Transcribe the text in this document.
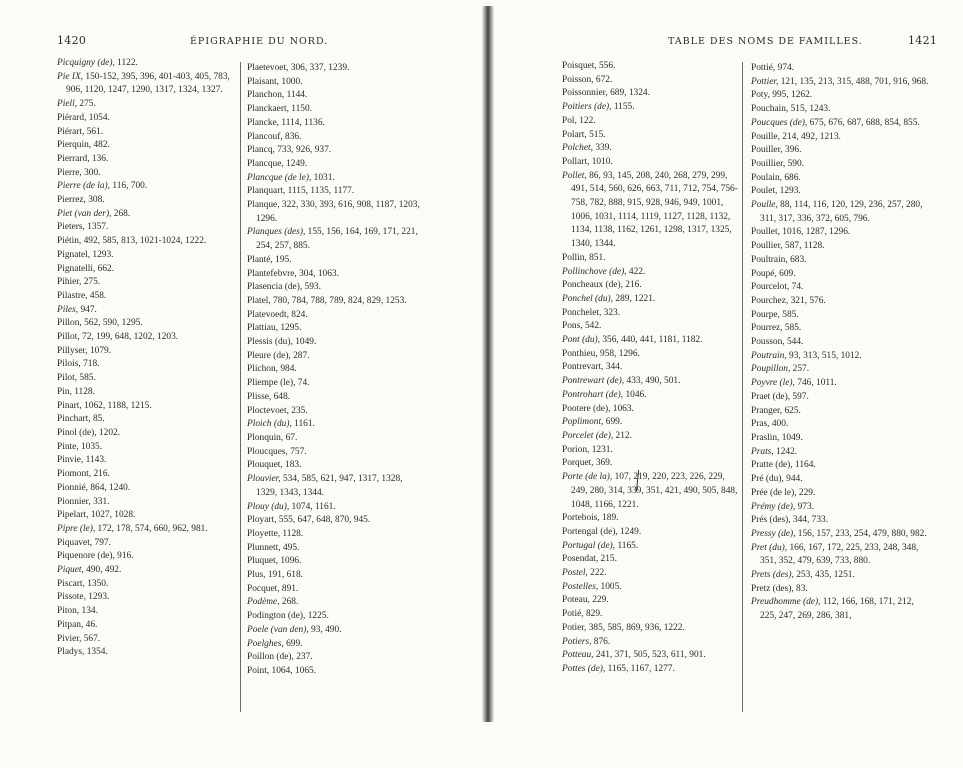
1420	ÉPIGRAPHIE DU NORD.
Picquigny (de), 1122.
Pie IX, 150-152, 395, 396, 401-403, 405, 783, 906, 1120, 1247, 1290, 1317, 1324, 1327.
Piell, 275.
Piérard, 1054.
Piérart, 561.
Pierquin, 482.
Pierrard, 136.
Pierre, 300.
Pierre (de la), 116, 700.
Pierrez, 308.
Piet (van der), 268.
Pieters, 1357.
Piétin, 492, 585, 813, 1021-1024, 1222.
Pignatel, 1293.
Pignatelli, 662.
Pihier, 275.
Pilastre, 458.
Piles, 947.
Pillon, 562, 590, 1295.
Pillot, 72, 199, 648, 1202, 1203.
Pillyser, 1079.
Pilois, 718.
Pilot, 585.
Pin, 1128.
Pinart, 1062, 1188, 1215.
Pinchart, 85.
Pinol (de), 1202.
Pinte, 1035.
Pinvie, 1143.
Piomont, 216.
Pionnié, 864, 1240.
Pionnier, 331.
Pipelart, 1027, 1028.
Pipre (le), 172, 178, 574, 660, 962, 981.
Piquavet, 797.
Piquenore (de), 916.
Piquet, 490, 492.
Piscart, 1350.
Pissote, 1293.
Piton, 134.
Pitpan, 46.
Pivier, 567.
Pladys, 1354.
Plaetevoet, 306, 337, 1239.
Plaisant, 1000.
Planchon, 1144.
Planckaert, 1150.
Plancke, 1114, 1136.
Plancouf, 836.
Plancq, 733, 926, 937.
Plancque, 1249.
Plancque (de le), 1031.
Planquart, 1115, 1135, 1177.
Planque, 322, 330, 393, 616, 908, 1187, 1203, 1296.
Planques (des), 155, 156, 164, 169, 171, 221, 254, 257, 885.
Planté, 195.
Plantefebvre, 304, 1063.
Plasencia (de), 593.
Platel, 780, 784, 788, 789, 824, 829, 1253.
Platevoedt, 824.
Plattiau, 1295.
Plessis (du), 1049.
Pleure (de), 287.
Plichon, 984.
Pliempe (le), 74.
Plisse, 648.
Ploctevoet, 235.
Ploich (du), 1161.
Plonquin, 67.
Ploucques, 757.
Plouquet, 183.
Plouvier, 534, 585, 621, 947, 1317, 1328, 1329, 1343, 1344.
Plouy (du), 1074, 1161.
Ployart, 555, 647, 648, 870, 945.
Ployette, 1128.
Plunnett, 495.
Pluquet, 1096.
Plus, 191, 618.
Pocquet, 891.
Podème, 268.
Podington (de), 1225.
Poele (van den), 93, 490.
Poelghes, 699.
Poillon (de), 237.
Point, 1064, 1065.
TABLE DES NOMS DE FAMILLES.	1421
Poisquet, 556.
Poisson, 672.
Poissonnier, 689, 1324.
Poitiers (de), 1155.
Pol, 122.
Polart, 515.
Polchet, 339.
Pollart, 1010.
Pollet, 86, 93, 145, 208, 240, 268, 279, 299, 491, 514, 560, 626, 663, 711, 712, 754, 756-758, 782, 888, 915, 928, 946, 949, 1001, 1006, 1031, 1114, 1119, 1127, 1128, 1132, 1134, 1138, 1162, 1261, 1298, 1317, 1325, 1340, 1344.
Pollin, 851.
Pollinchove (de), 422.
Poncheaux (de), 216.
Ponchel (du), 289, 1221.
Ponchelet, 323.
Pons, 542.
Pont (du), 356, 440, 441, 1181, 1182.
Ponthieu, 958, 1296.
Pontrevart, 344.
Pontrewart (de), 433, 490, 501.
Pontrohart (de), 1046.
Pootere (de), 1063.
Poplimont, 699.
Porcelet (de), 212.
Porion, 1231.
Porquet, 369.
Porte (de la), 107, 219, 220, 223, 226, 229, 249, 280, 314, 339, 351, 421, 490, 505, 848, 1048, 1166, 1221.
Portebois, 189.
Portengal (de), 1249.
Portugal (de), 1165.
Posendat, 215.
Postel, 222.
Postelles, 1005.
Poteau, 229.
Potié, 829.
Potier, 385, 585, 869, 936, 1222.
Potiers, 876.
Potteau, 241, 371, 505, 523, 611, 901.
Pottes (de), 1165, 1167, 1277.
Pottié, 974.
Pottier, 121, 135, 213, 315, 488, 701, 916, 968.
Poty, 995, 1262.
Pouchain, 515, 1243.
Poucques (de), 675, 676, 687, 688, 854, 855.
Pouille, 214, 492, 1213.
Pouiller, 396.
Pouillier, 590.
Poulain, 686.
Poulet, 1293.
Poulle, 88, 114, 116, 120, 129, 236, 257, 280, 311, 317, 336, 372, 605, 796.
Poullet, 1016, 1287, 1296.
Poullier, 587, 1128.
Poultrain, 683.
Poupé, 609.
Pourcelot, 74.
Pourchez, 321, 576.
Pourpe, 585.
Pourrez, 585.
Pousson, 544.
Poutrain, 93, 313, 515, 1012.
Poupillon, 257.
Poyvre (le), 746, 1011.
Praet (de), 597.
Pranger, 625.
Pras, 400.
Praslin, 1049.
Prats, 1242.
Pratte (de), 1164.
Pré (du), 944.
Prée (de le), 229.
Prémy (de), 973.
Prés (des), 344, 733.
Pressy (de), 156, 157, 233, 254, 479, 880, 982.
Pret (du), 166, 167, 172, 225, 233, 248, 348, 351, 352, 479, 639, 733, 880.
Prets (des), 253, 435, 1251.
Pretz (des), 83.
Preudhomme (de), 112, 166, 168, 171, 212, 225, 247, 269, 286, 381,
